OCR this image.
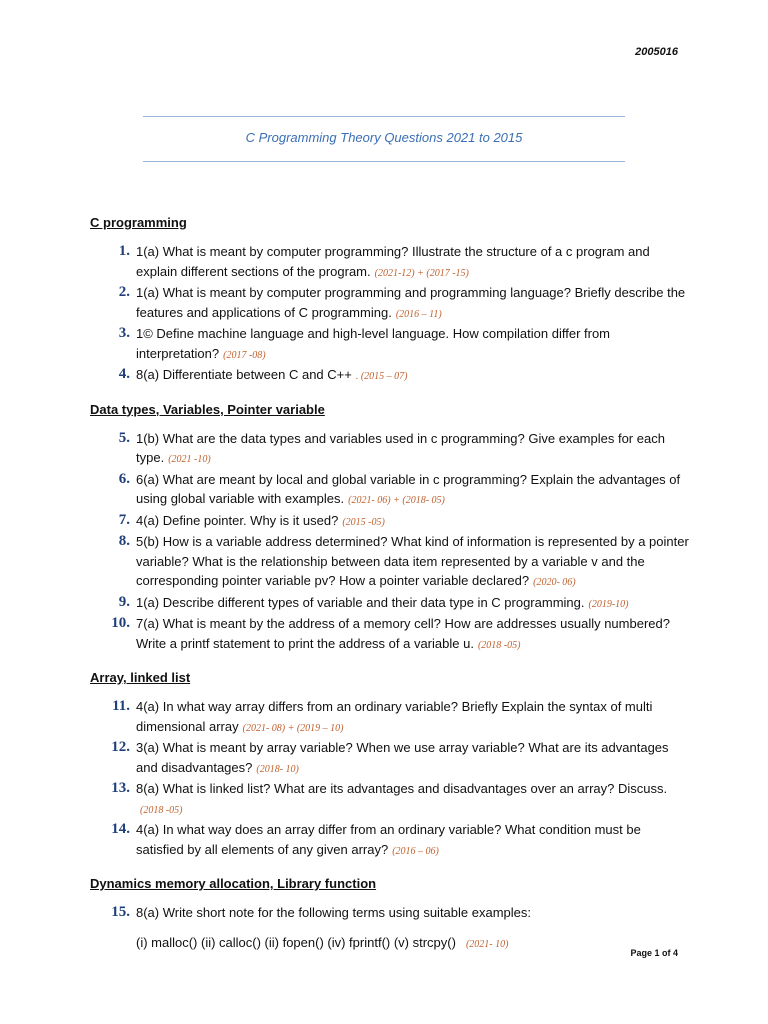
2005016
C Programming Theory Questions 2021 to 2015

C programming

1. 1(a) What is meant by computer programming? Illustrate the structure of a c program and explain different sections of the program. (2021-12) + (2017 -15)
2. 1(a) What is meant by computer programming and programming language? Briefly describe the features and applications of C programming. (2016 – 11)
3. 1© Define machine language and high-level language. How compilation differ from interpretation? (2017 -08)
4. 8(a) Differentiate between C and C++ . (2015 – 07)

Data types, Variables, Pointer variable

5. 1(b) What are the data types and variables used in c programming? Give examples for each type. (2021 -10)
6. 6(a) What are meant by local and global variable in c programming? Explain the advantages of using global variable with examples. (2021- 06) + (2018- 05)
7. 4(a) Define pointer. Why is it used? (2015 -05)
8. 5(b) How is a variable address determined? What kind of information is represented by a pointer variable? What is the relationship between data item represented by a variable v and the corresponding pointer variable pv? How a pointer variable declared? (2020- 06)
9. 1(a) Describe different types of variable and their data type in C programming. (2019-10)
10. 7(a) What is meant by the address of a memory cell? How are addresses usually numbered? Write a printf statement to print the address of a variable u. (2018 -05)

Array, linked list

11. 4(a) In what way array differs from an ordinary variable? Briefly Explain the syntax of multi dimensional array (2021- 08) + (2019 – 10)
12. 3(a) What is meant by array variable? When we use array variable? What are its advantages and disadvantages? (2018- 10)
13. 8(a) What is linked list? What are its advantages and disadvantages over an array? Discuss.(2018 -05)
14. 4(a) In what way does an array differ from an ordinary variable? What condition must be satisfied by all elements of any given array? (2016 – 06)

Dynamics memory allocation, Library function

15. 8(a) Write short note for the following terms using suitable examples:
(i) malloc() (ii) calloc() (ii) fopen() (iv) fprintf() (v) strcpy() (2021- 10)
Page 1 of 4
